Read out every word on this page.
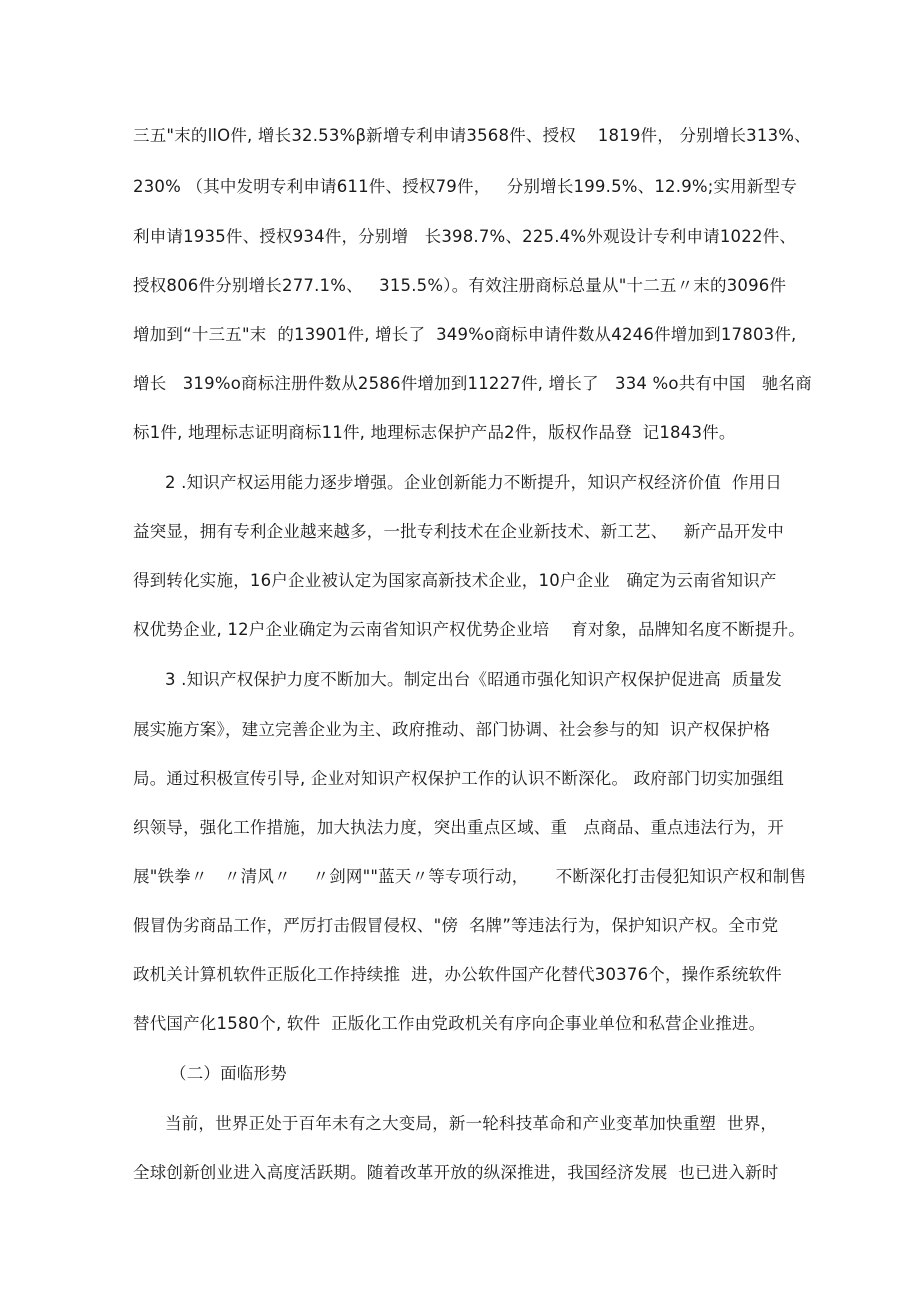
三五"末的llO件, 增长32.53%β新增专利申请3568件、授权    1819件， 分别增长313%、
230% （其中发明专利申请611件、授权79件，   分别增长199.5%、12.9%;实用新型专
利申请1935件、授权934件，分别增   长398.7%、225.4%外观设计专利申请1022件、
授权806件分别增长277.1%、   315.5%）。有效注册商标总量从"十二五〃末的3096件
增加到“十三五"末  的13901件, 增长了  349%o商标申请件数从4246件增加到17803件,
增长   319%o商标注册件数从2586件增加到11227件, 增长了   334 %o共有中国   驰名商
标1件, 地理标志证明商标11件, 地理标志保护产品2件，版权作品登  记1843件。
2 .知识产权运用能力逐步增强。企业创新能力不断提升，知识产权经济价值  作用日
益突显，拥有专利企业越来越多，一批专利技术在企业新技术、新工艺、   新产品开发中
得到转化实施，16户企业被认定为国家高新技术企业，10户企业   确定为云南省知识产
权优势企业, 12户企业确定为云南省知识产权优势企业培    育对象，品牌知名度不断提升。
3 .知识产权保护力度不断加大。制定出台《昭通市强化知识产权保护促进高  质量发
展实施方案》，建立完善企业为主、政府推动、部门协调、社会参与的知  识产权保护格
局。通过积极宣传引导, 企业对知识产权保护工作的认识不断深化。 政府部门切实加强组
织领导，强化工作措施，加大执法力度，突出重点区域、重   点商品、重点违法行为，开
展"铁拳〃   〃清风〃    〃剑网""蓝天〃等专项行动，     不断深化打击侵犯知识产权和制售
假冒伪劣商品工作，严厉打击假冒侵权、"傍  名牌”等违法行为，保护知识产权。全市党
政机关计算机软件正版化工作持续推  进，办公软件国产化替代30376个，操作系统软件
替代国产化1580个, 软件  正版化工作由党政机关有序向企事业单位和私营企业推进。
（二）面临形势
当前，世界正处于百年未有之大变局，新一轮科技革命和产业变革加快重塑  世界，
全球创新创业进入高度活跃期。随着改革开放的纵深推进，我国经济发展  也已进入新时
